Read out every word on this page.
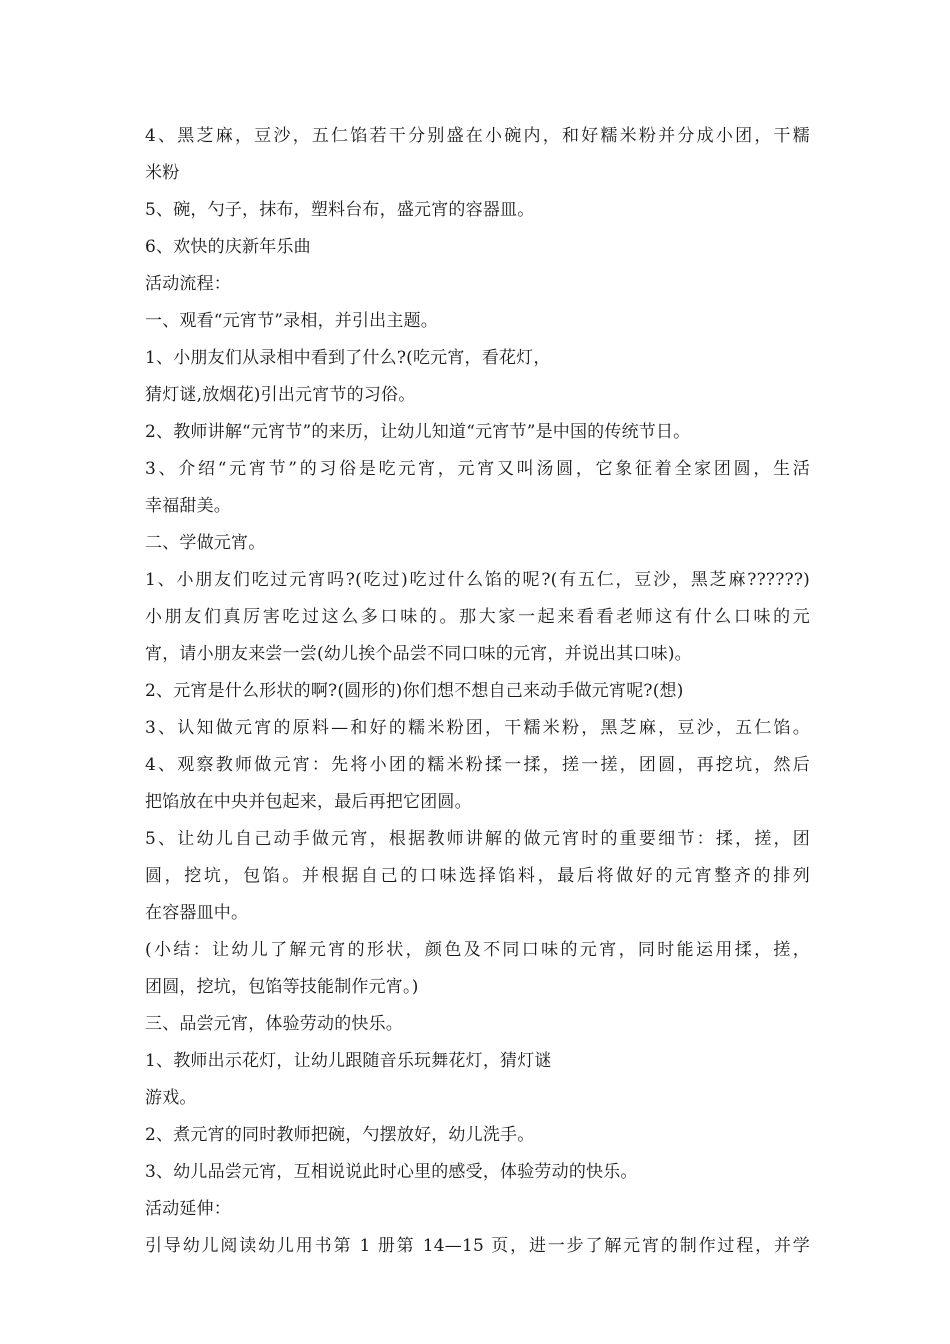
4、黑芝麻，豆沙，五仁馅若干分别盛在小碗内，和好糯米粉并分成小团，干糯
米粉
5、碗，勺子，抹布，塑料台布，盛元宵的容器皿。
6、欢快的庆新年乐曲
活动流程：
一、观看“元宵节”录相，并引出主题。
1、小朋友们从录相中看到了什么?(吃元宵，看花灯，
猜灯谜,放烟花)引出元宵节的习俗。
2、教师讲解“元宵节”的来历，让幼儿知道“元宵节”是中国的传统节日。
3、介绍“元宵节”的习俗是吃元宵，元宵又叫汤圆，它象征着全家团圆，生活
幸福甜美。
二、学做元宵。
1、小朋友们吃过元宵吗?(吃过)吃过什么馅的呢?(有五仁，豆沙，黑芝麻??????)
小朋友们真厉害吃过这么多口味的。那大家一起来看看老师这有什么口味的元
宵，请小朋友来尝一尝(幼儿挨个品尝不同口味的元宵，并说出其口味)。
2、元宵是什么形状的啊?(圆形的)你们想不想自己来动手做元宵呢?(想)
3、认知做元宵的原料—和好的糯米粉团，干糯米粉，黑芝麻，豆沙，五仁馅。
4、观察教师做元宵：先将小团的糯米粉揉一揉，搓一搓，团圆，再挖坑，然后
把馅放在中央并包起来，最后再把它团圆。
5、让幼儿自己动手做元宵，根据教师讲解的做元宵时的重要细节：揉，搓，团
圆，挖坑，包馅。并根据自己的口味选择馅料，最后将做好的元宵整齐的排列
在容器皿中。
(小结：让幼儿了解元宵的形状，颜色及不同口味的元宵，同时能运用揉，搓，
团圆，挖坑，包馅等技能制作元宵。)
三、品尝元宵，体验劳动的快乐。
1、教师出示花灯，让幼儿跟随音乐玩舞花灯，猜灯谜
游戏。
2、煮元宵的同时教师把碗，勺摆放好，幼儿洗手。
3、幼儿品尝元宵，互相说说此时心里的感受，体验劳动的快乐。
活动延伸：
引导幼儿阅读幼儿用书第 1 册第 14—15 页，进一步了解元宵的制作过程，并学
